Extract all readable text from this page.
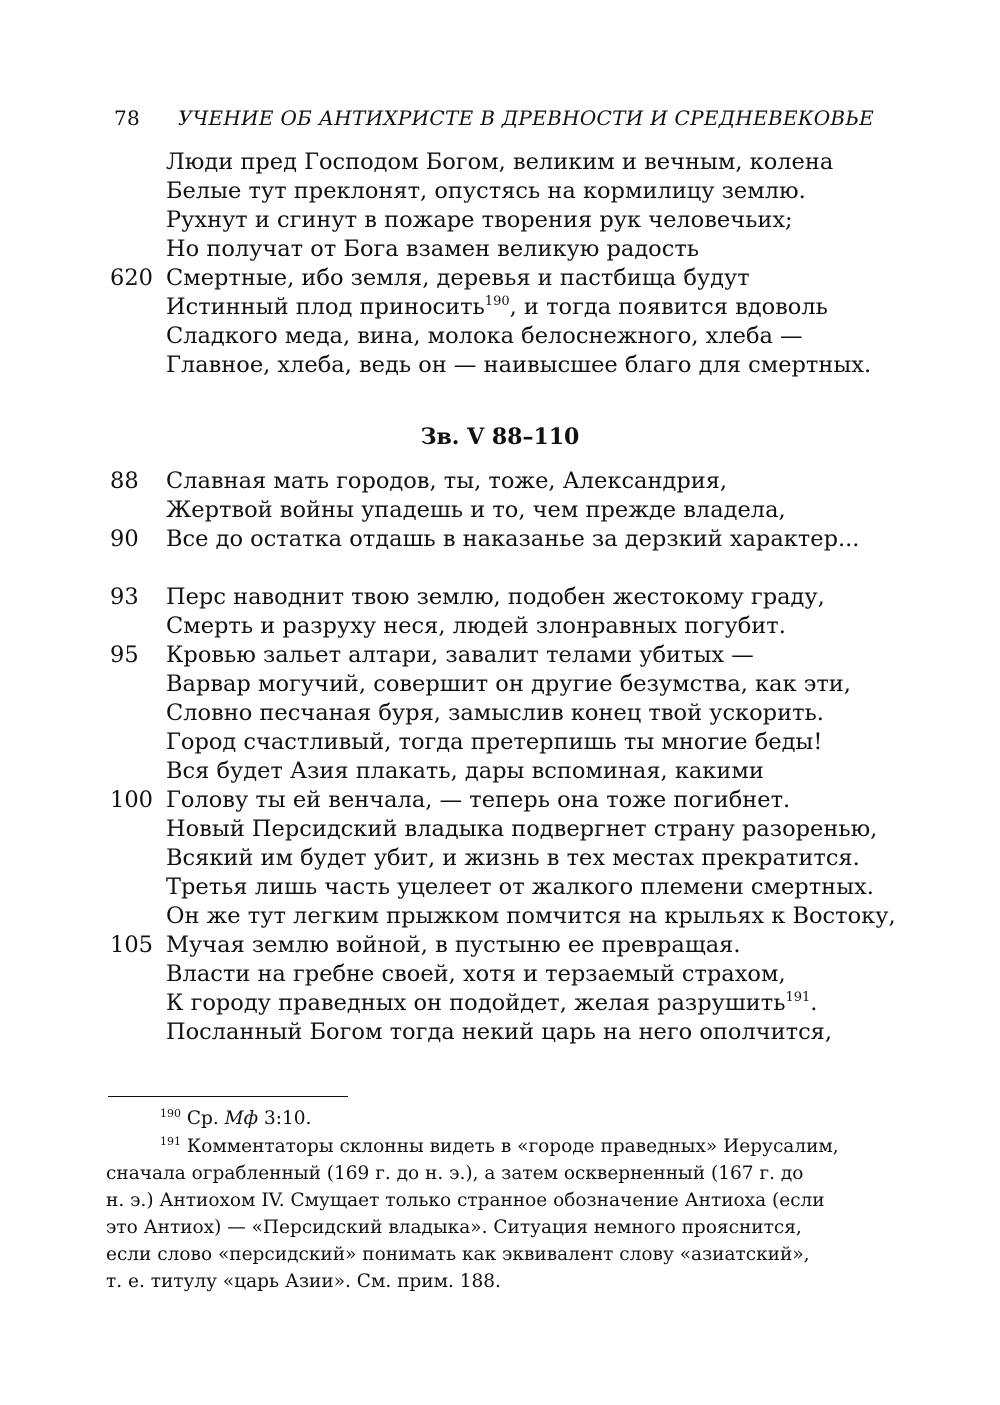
78 УЧЕНИЕ ОБ АНТИХРИСТЕ В ДРЕВНОСТИ И СРЕДНЕВЕКОВЬЕ
Люди пред Господом Богом, великим и вечным, колена
Белые тут преклонят, опустясь на кормилицу землю.
Рухнут и сгинут в пожаре творения рук человечьих;
Но получат от Бога взамен великую радость
620 Смертные, ибо земля, деревья и пастбища будут
Истинный плод приносить$^{190}$, и тогда появится вдоволь
Сладкого меда, вина, молока белоснежного, хлеба —
Главное, хлеба, ведь он — наивысшее благо для смертных.
Зв. V 88–110
88	Славная мать городов, ты, тоже, Александрия,
Жертвой войны упадешь и то, чем прежде владела,
90	Все до остатка отдашь в наказанье за дерзкий характер...
93	Перс наводнит твою землю, подобен жестокому граду,
Смерть и разруху неся, людей злонравных погубит.
95	Кровью зальет алтари, завалит телами убитых —
Варвар могучий, совершит он другие безумства, как эти,
Словно песчаная буря, замыслив конец твой ускорить.
Город счастливый, тогда претерпишь ты многие беды!
Вся будет Азия плакать, дары вспоминая, какими
100 Голову ты ей венчала, — теперь она тоже погибнет.
Новый Персидский владыка подвергнет страну разоренью,
Всякий им будет убит, и жизнь в тех местах прекратится.
Третья лишь часть уцелеет от жалкого племени смертных.
Он же тут легким прыжком помчится на крыльях к Востоку,
105 Мучая землю войной, в пустыню ее превращая.
Власти на гребне своей, хотя и терзаемый страхом,
К городу праведных он подойдет, желая разрушить$^{191}$.
Посланный Богом тогда некий царь на него ополчится,
$^{190}$ Ср. Мф 3:10.
$^{191}$ Комментаторы склонны видеть в «городе праведных» Иерусалим,
сначала ограбленный (169 г. до н. э.), а затем оскверненный (167 г. до
н. э.) Антиохом IV. Смущает только странное обозначение Антиоха (если
это Антиох) — «Персидский владыка». Ситуация немного прояснится,
если слово «персидский» понимать как эквивалент слову «азиатский»,
т. е. титулу «царь Азии». См. прим. 188.
